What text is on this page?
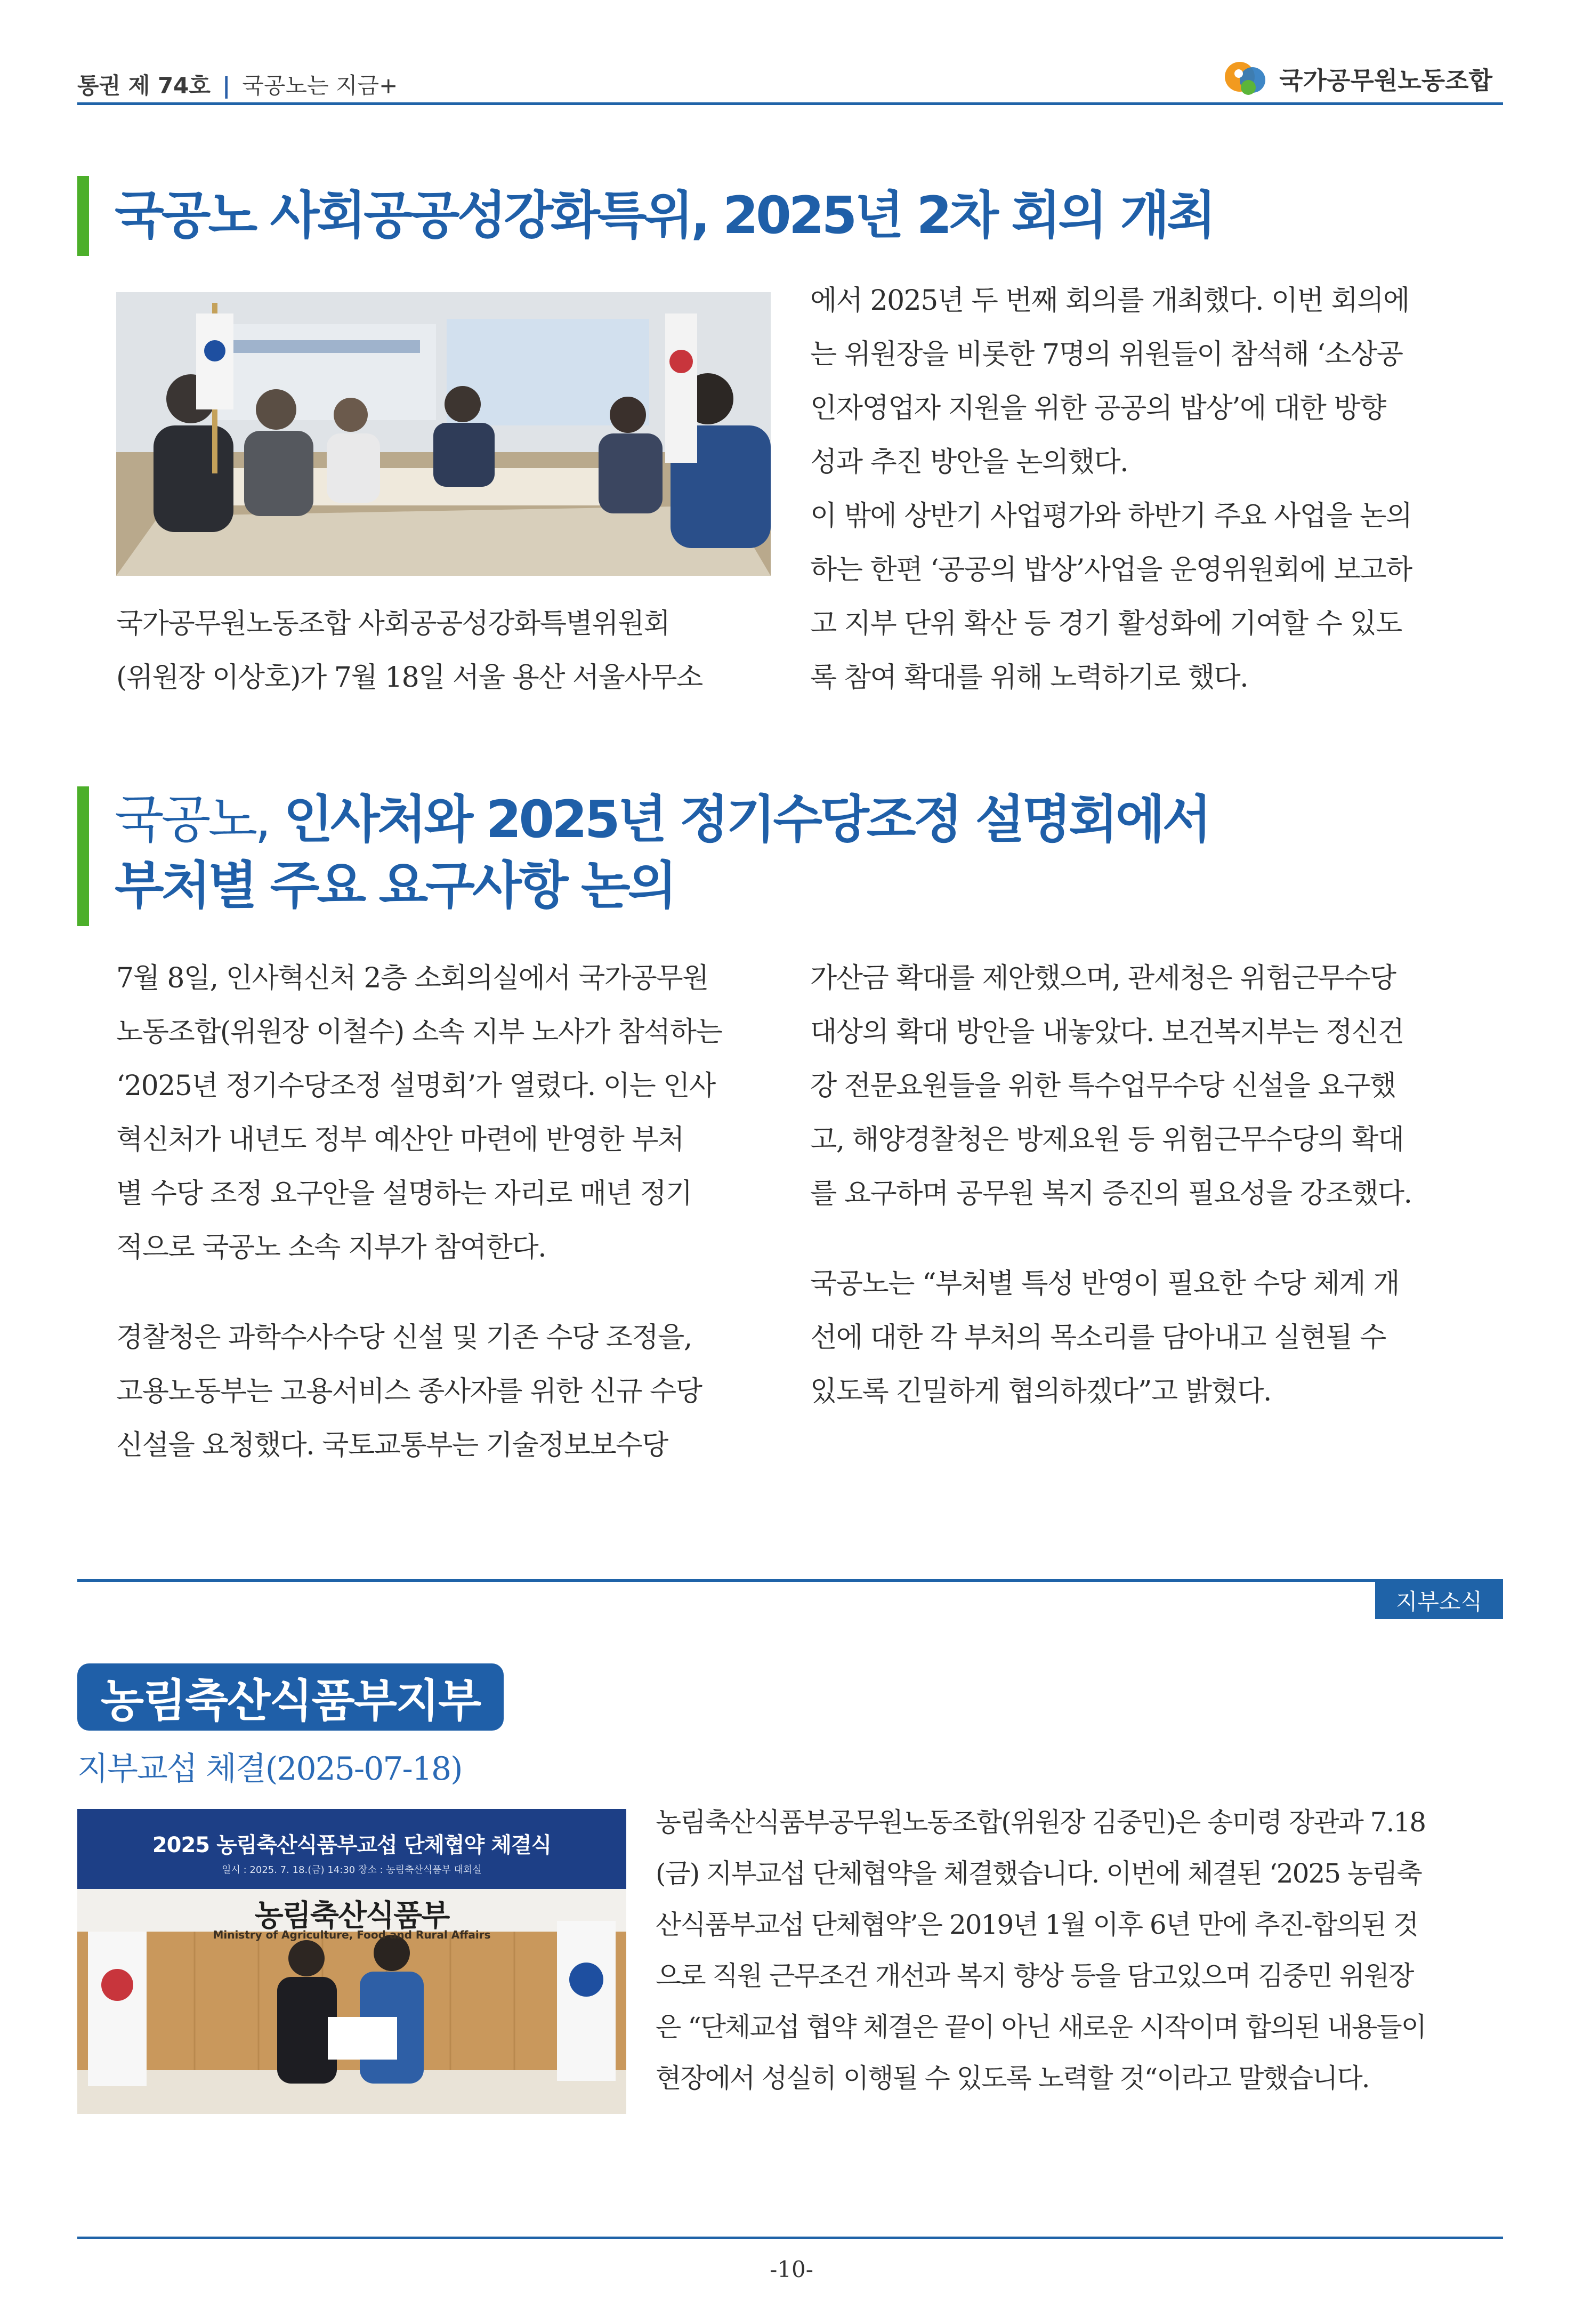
통권 제 74호 | 국공노는 지금+	국가공무원노동조합
국공노 사회공공성강화특위, 2025년 2차 회의 개최

국가공무원노동조합 사회공공성강화특별위원회

(위원장 이상호)가 7월 18일 서울 용산 서울사무소

에서 2025년 두 번째 회의를 개최했다. 이번 회의에

는 위원장을 비롯한 7명의 위원들이 참석해 ‘소상공

인자영업자 지원을 위한 공공의 밥상’에 대한 방향

성과 추진 방안을 논의했다.

이 밖에 상반기 사업평가와 하반기 주요 사업을 논의

하는 한편 ‘공공의 밥상’사업을 운영위원회에 보고하

고 지부 단위 확산 등 경기 활성화에 기여할 수 있도

록 참여 확대를 위해 노력하기로 했다.

국공노, 인사처와 2025년 정기수당조정 설명회에서
부처별 주요 요구사항 논의

7월 8일, 인사혁신처 2층 소회의실에서 국가공무원

노동조합(위원장 이철수) 소속 지부 노사가 참석하는

‘2025년 정기수당조정 설명회’가 열렸다. 이는 인사

혁신처가 내년도 정부 예산안 마련에 반영한 부처

별 수당 조정 요구안을 설명하는 자리로 매년 정기

적으로 국공노 소속 지부가 참여한다.

경찰청은 과학수사수당 신설 및 기존 수당 조정을,

고용노동부는 고용서비스 종사자를 위한 신규 수당

신설을 요청했다. 국토교통부는 기술정보보수당

가산금 확대를 제안했으며, 관세청은 위험근무수당

대상의 확대 방안을 내놓았다. 보건복지부는 정신건

강 전문요원들을 위한 특수업무수당 신설을 요구했

고, 해양경찰청은 방제요원 등 위험근무수당의 확대

를 요구하며 공무원 복지 증진의 필요성을 강조했다.

국공노는 “부처별 특성 반영이 필요한 수당 체계 개

선에 대한 각 부처의 목소리를 담아내고 실현될 수

있도록 긴밀하게 협의하겠다”고 밝혔다.

지부소식
농림축산식품부지부
지부교섭 체결(2025-07-18)
2025 농림축산식품부교섭 단체협약 체결식
일시 : 2025. 7. 18.(금) 14:30 장소 : 농림축산식품부 대회실
농림축산식품부
Ministry of Agriculture, Food and Rural Affairs

농림축산식품부공무원노동조합(위원장 김중민)은 송미령 장관과 7.18

(금) 지부교섭 단체협약을 체결했습니다. 이번에 체결된 ‘2025 농림축

산식품부교섭 단체협약’은 2019년 1월 이후 6년 만에 추진-합의된 것

으로 직원 근무조건 개선과 복지 향상 등을 담고있으며 김중민 위원장

은 “단체교섭 협약 체결은 끝이 아닌 새로운 시작이며 합의된 내용들이

현장에서 성실히 이행될 수 있도록 노력할 것“이라고 말했습니다.

-10-
